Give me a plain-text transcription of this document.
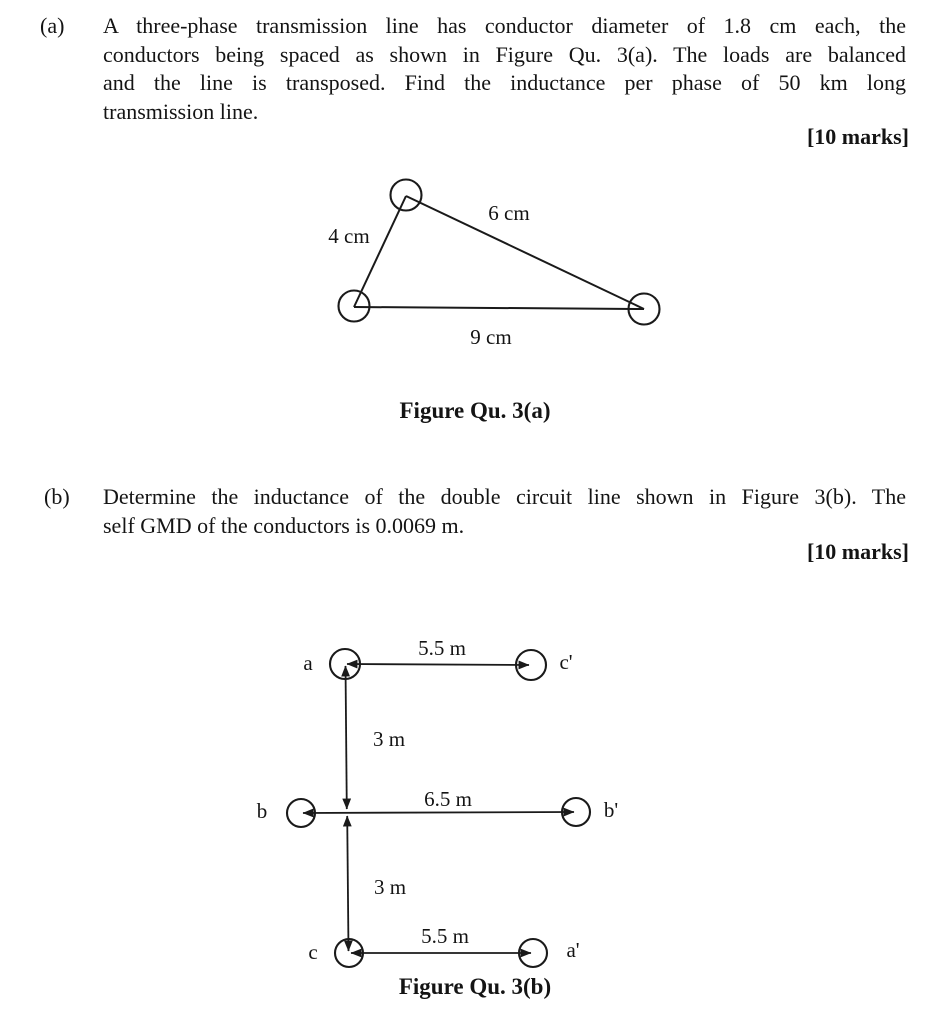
(a) A three-phase transmission line has conductor diameter of 1.8 cm each, the
conductors being spaced as shown in Figure Qu. 3(a). The loads are balanced
and the line is transposed. Find the inductance per phase of 50 km long
transmission line.
[10 marks]
4 cm
6 cm
9 cm
Figure Qu. 3(a)
(b) Determine the inductance of the double circuit line shown in Figure 3(b). The
self GMD of the conductors is 0.0069 m.
[10 marks]
5.5 m
3 m
6.5 m
3 m
5.5 m
a	c'
b	b'
c	a'
Figure Qu. 3(b)
